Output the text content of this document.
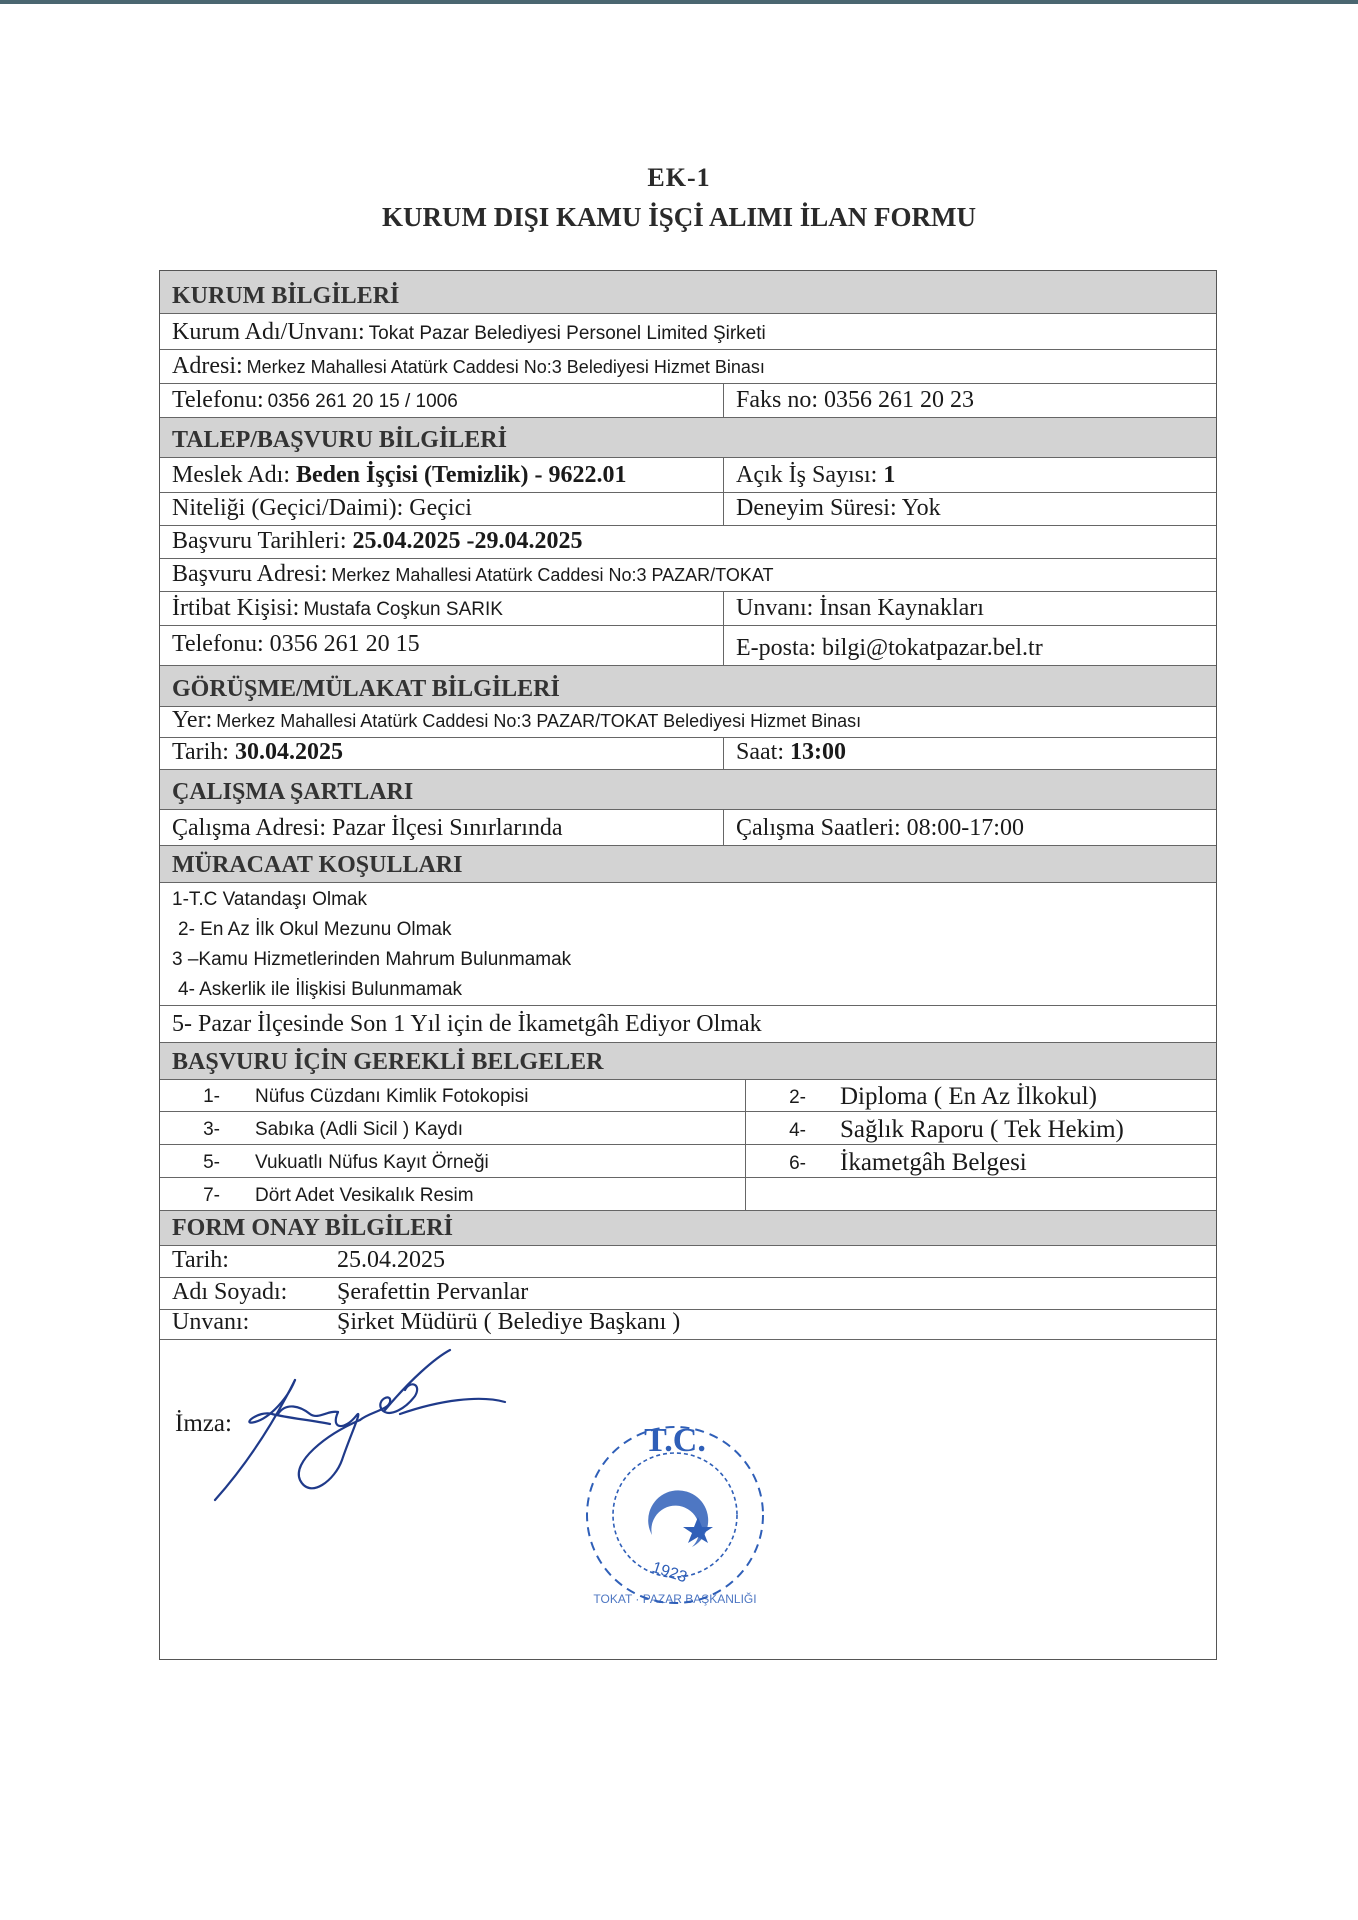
EK-1
KURUM DIŞI KAMU İŞÇİ ALIMI İLAN FORMU
KURUM BİLGİLERİ
Kurum Adı/Unvanı: Tokat Pazar Belediyesi Personel Limited Şirketi
Adresi: Merkez Mahallesi Atatürk Caddesi No:3 Belediyesi Hizmet Binası
Telefonu: 0356 261 20 15 / 1006	Faks no: 0356 261 20 23
TALEP/BAŞVURU BİLGİLERİ
Meslek Adı: Beden İşçisi (Temizlik) - 9622.01	Açık İş Sayısı: 1
Niteliği (Geçici/Daimi): Geçici	Deneyim Süresi: Yok
Başvuru Tarihleri: 25.04.2025 -29.04.2025
Başvuru Adresi: Merkez Mahallesi Atatürk Caddesi No:3 PAZAR/TOKAT
İrtibat Kişisi: Mustafa Coşkun SARIK	Unvanı: İnsan Kaynakları
Telefonu: 0356 261 20 15	E-posta: bilgi@tokatpazar.bel.tr
GÖRÜŞME/MÜLAKAT BİLGİLERİ
Yer: Merkez Mahallesi Atatürk Caddesi No:3 PAZAR/TOKAT Belediyesi Hizmet Binası
Tarih: 30.04.2025	Saat: 13:00
ÇALIŞMA ŞARTLARI
Çalışma Adresi: Pazar İlçesi Sınırlarında	Çalışma Saatleri: 08:00-17:00
MÜRACAAT KOŞULLARI
1-T.C Vatandaşı Olmak
2- En Az İlk Okul Mezunu Olmak
3 –Kamu Hizmetlerinden Mahrum Bulunmamak
4- Askerlik ile İlişkisi Bulunmamak
5- Pazar İlçesinde Son 1 Yıl için de İkametgâh Ediyor Olmak
BAŞVURU İÇİN GEREKLİ BELGELER
1- Nüfus Cüzdanı Kimlik Fotokopisi	2- Diploma ( En Az İlkokul)
3- Sabıka (Adli Sicil ) Kaydı	4- Sağlık Raporu ( Tek Hekim)
5- Vukuatlı Nüfus Kayıt Örneği	6- İkametgâh Belgesi
7- Dört Adet Vesikalık Resim
FORM ONAY BİLGİLERİ
Tarih:	25.04.2025
Adı Soyadı: Şerafettin Pervanlar
Unvanı:	Şirket Müdürü ( Belediye Başkanı )
İmza:	T.C.
1923
TOKAT · PAZAR BAŞKANLIĞI
